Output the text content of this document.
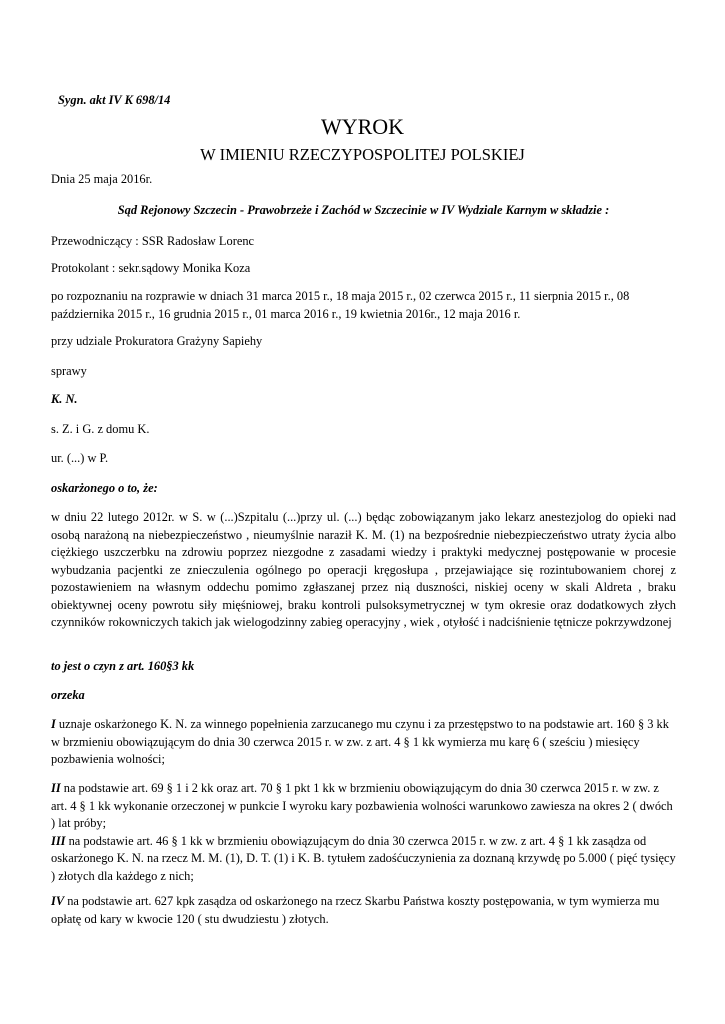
Sygn. akt IV K 698/14

WYROK
W IMIENIU RZECZYPOSPOLITEJ POLSKIEJ

Dnia 25 maja 2016r.

Sąd Rejonowy Szczecin - Prawobrzeże i Zachód w Szczecinie w IV Wydziale Karnym w składzie :

Przewodniczący : SSR Radosław Lorenc

Protokolant : sekr.sądowy Monika Koza

po rozpoznaniu na rozprawie w dniach 31 marca 2015 r., 18 maja 2015 r., 02 czerwca 2015 r., 11 sierpnia 2015 r., 08
października 2015 r., 16 grudnia 2015 r., 01 marca 2016 r., 19 kwietnia 2016r., 12 maja 2016 r.

przy udziale Prokuratora Grażyny Sapiehy

sprawy

K. N.

s. Z. i G. z domu K.

ur. (...) w P.

oskarżonego o to, że:

w dniu 22 lutego 2012r. w S. w (...)Szpitalu (...)przy ul. (...) będąc zobowiązanym jako lekarz anestezjolog do opieki nad osobą narażoną na niebezpieczeństwo , nieumyślnie naraził K. M. (1) na bezpośrednie niebezpieczeństwo utraty życia albo ciężkiego uszczerbku na zdrowiu poprzez niezgodne z zasadami wiedzy i praktyki medycznej postępowanie w procesie wybudzania pacjentki ze znieczulenia ogólnego po operacji kręgosłupa , przejawiające się rozintubowaniem chorej z pozostawieniem na własnym oddechu pomimo zgłaszanej przez nią duszności, niskiej oceny w skali Aldreta , braku obiektywnej oceny powrotu siły mięśniowej, braku kontroli pulsoksymetrycznej w tym okresie oraz dodatkowych złych czynników rokowniczych takich jak wielogodzinny zabieg operacyjny , wiek , otyłość i nadciśnienie tętnicze pokrzywdzonej

to jest o czyn z art. 160§3 kk

orzeka

I uznaje oskarżonego K. N. za winnego popełnienia zarzucanego mu czynu i za przestępstwo to na podstawie art. 160 § 3 kk w brzmieniu obowiązującym do dnia 30 czerwca 2015 r. w zw. z art. 4 § 1 kk wymierza mu karę 6 ( sześciu ) miesięcy pozbawienia wolności;

II na podstawie art. 69 § 1 i 2 kk oraz art. 70 § 1 pkt 1 kk w brzmieniu obowiązującym do dnia 30 czerwca 2015 r. w zw. z art. 4 § 1 kk wykonanie orzeczonej w punkcie I wyroku kary pozbawienia wolności warunkowo zawiesza na okres 2 ( dwóch ) lat próby;
III na podstawie art. 46 § 1 kk w brzmieniu obowiązującym do dnia 30 czerwca 2015 r. w zw. z art. 4 § 1 kk zasądza od oskarżonego K. N. na rzecz M. M. (1), D. T. (1) i K. B. tytułem zadośćuczynienia za doznaną krzywdę po 5.000 ( pięć tysięcy ) złotych dla każdego z nich;

IV na podstawie art. 627 kpk zasądza od oskarżonego na rzecz Skarbu Państwa koszty postępowania, w tym wymierza mu opłatę od kary w kwocie 120 ( stu dwudziestu ) złotych.
